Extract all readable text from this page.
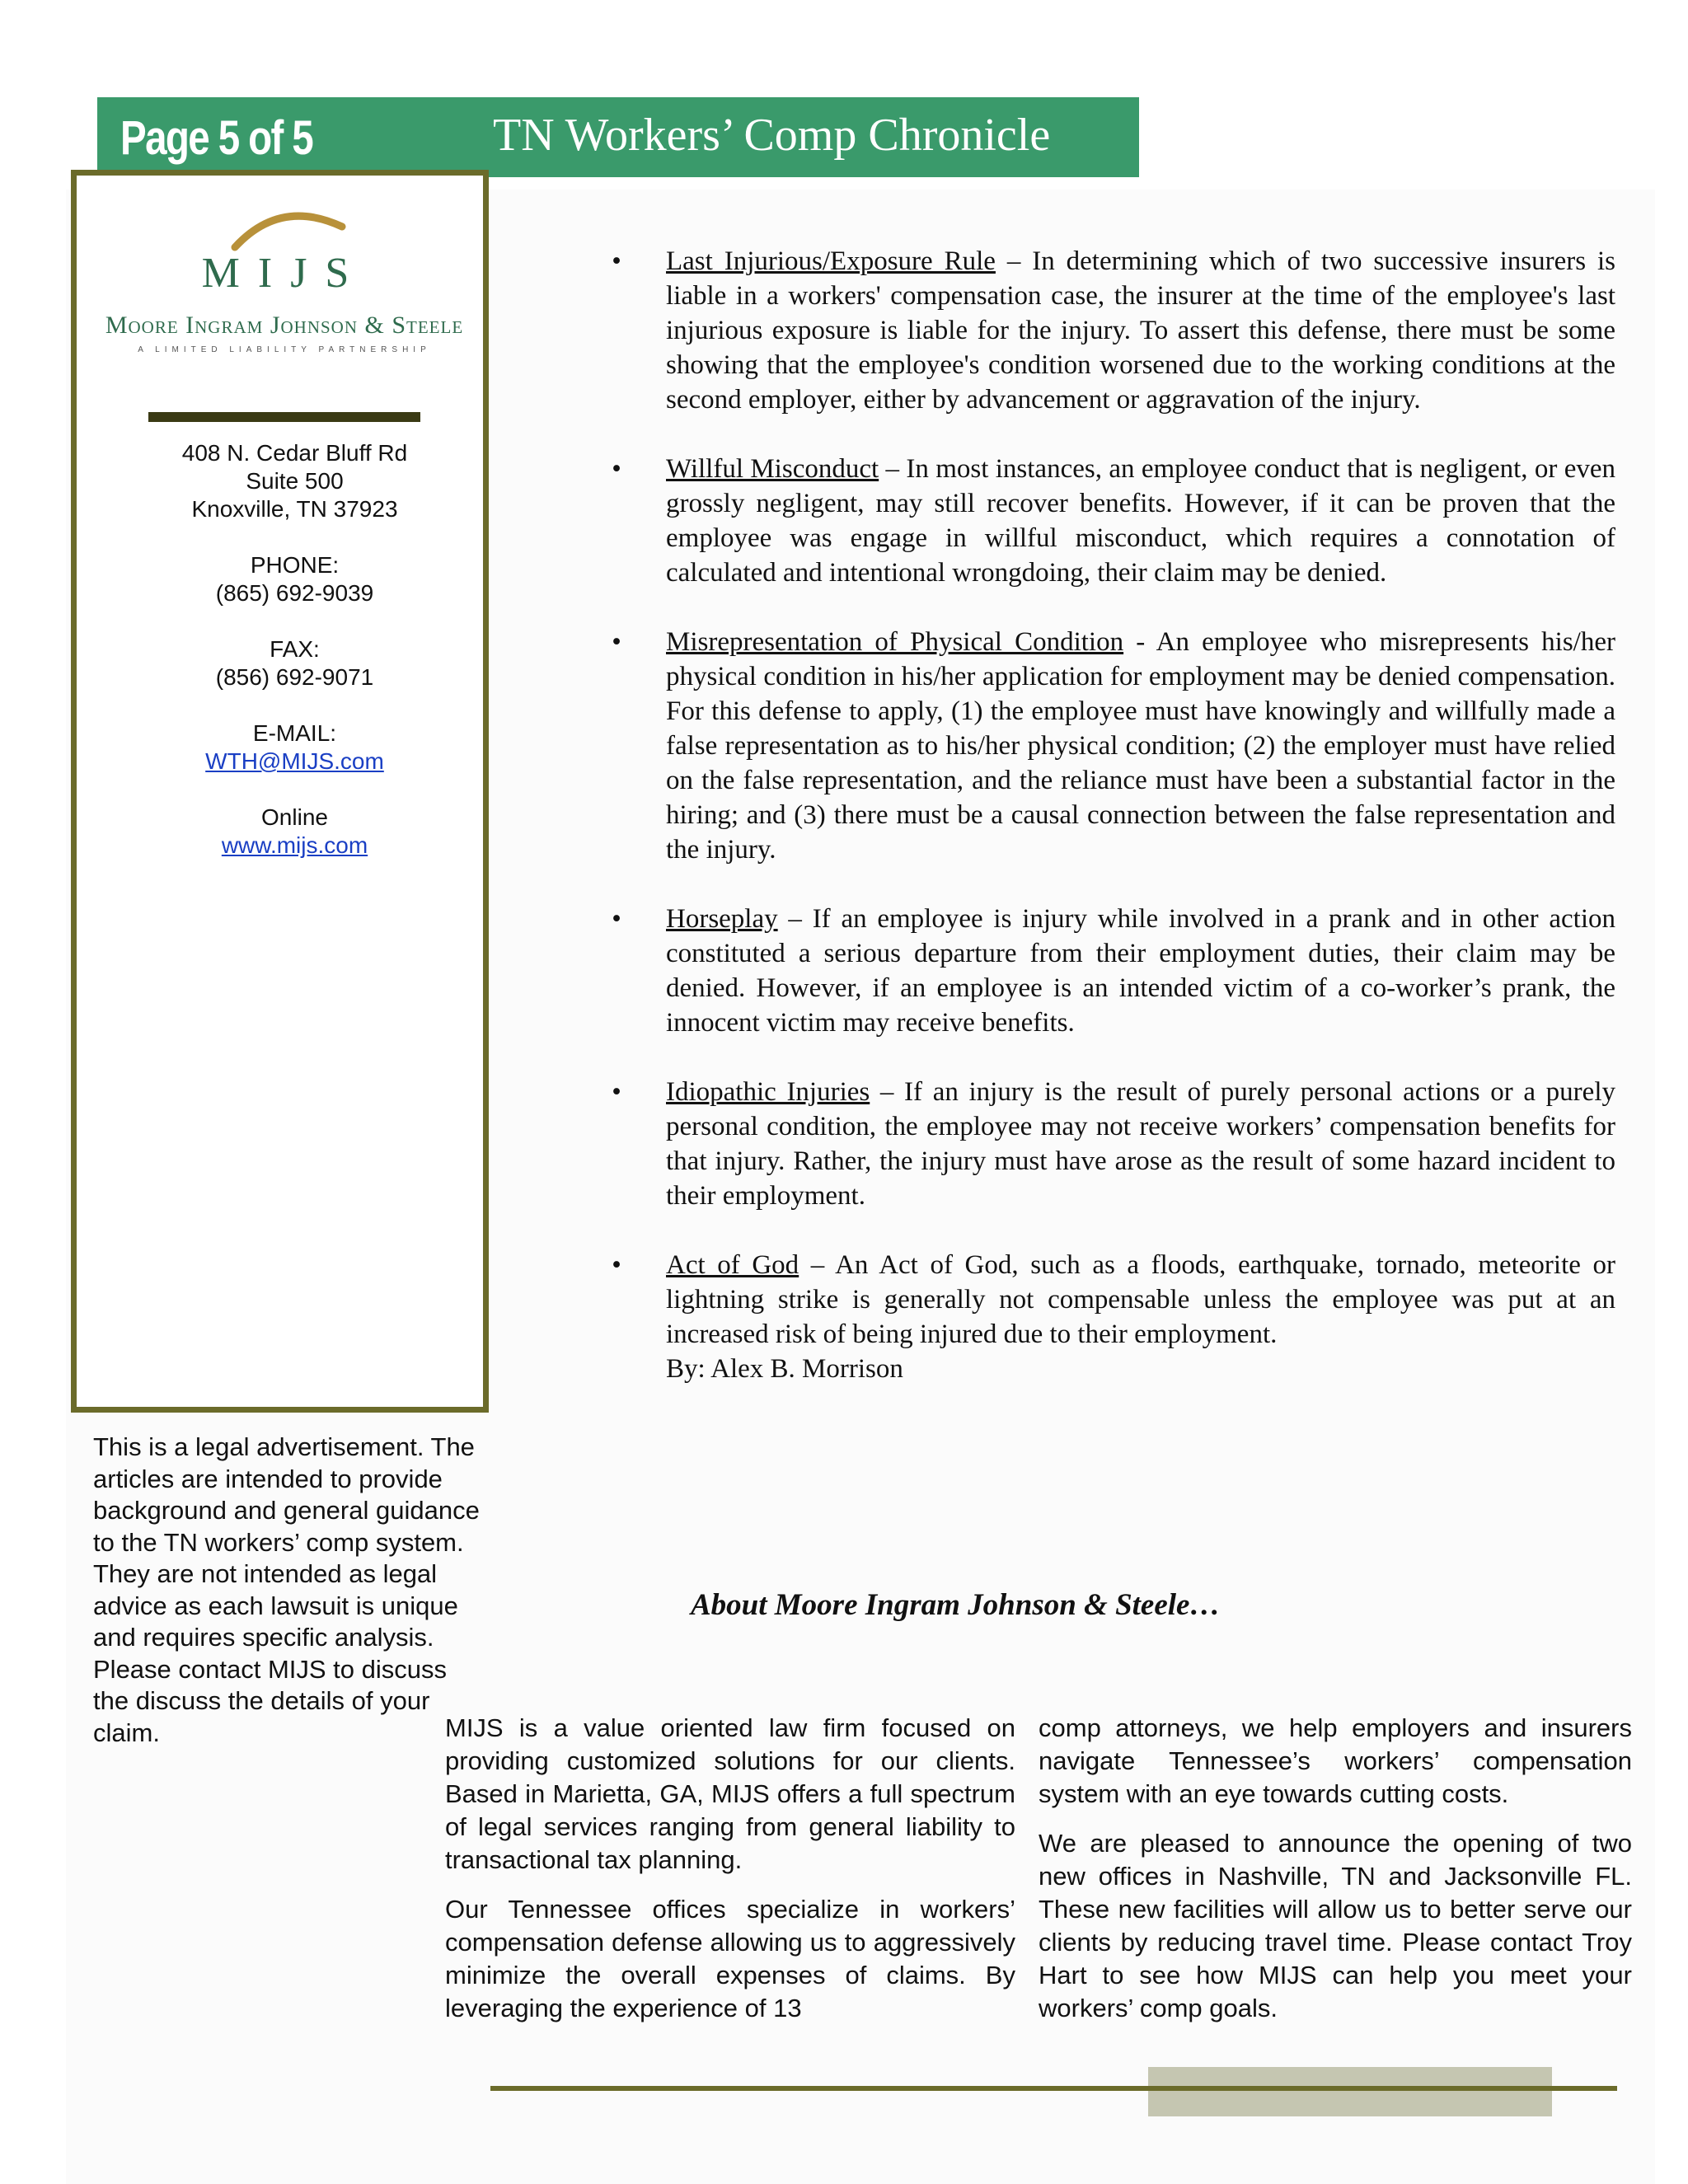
Page 5 of 5	TN Workers’ Comp Chronicle
MIJS
Moore Ingram Johnson & Steele
A LIMITED LIABILITY PARTNERSHIP

408 N. Cedar Bluff Rd
Suite 500
Knoxville, TN 37923

PHONE:
(865) 692-9039

FAX:
(856) 692-9071

E-MAIL:
WTH@MIJS.com

Online
www.mijs.com

This is a legal advertisement. The articles are intended to provide background and general guidance to the TN workers’ comp system. They are not intended as legal advice as each lawsuit is unique and requires specific analysis. Please contact MIJS to discuss the discuss the details of your claim.
• Last Injurious/Exposure Rule – In determining which of two successive insurers is liable in a workers' compensation case, the insurer at the time of the employee's last injurious exposure is liable for the injury. To assert this defense, there must be some showing that the employee's condition worsened due to the working conditions at the second employer, either by advancement or aggravation of the injury.
• Willful Misconduct – In most instances, an employee conduct that is negligent, or even grossly negligent, may still recover benefits. However, if it can be proven that the employee was engage in willful misconduct, which requires a connotation of calculated and intentional wrongdoing, their claim may be denied.
• Misrepresentation of Physical Condition - An employee who misrepresents his/her physical condition in his/her application for employment may be denied compensation. For this defense to apply, (1) the employee must have knowingly and willfully made a false representation as to his/her physical condition; (2) the employer must have relied on the false representation, and the reliance must have been a substantial factor in the hiring; and (3) there must be a causal connection between the false representation and the injury.
• Horseplay – If an employee is injury while involved in a prank and in other action constituted a serious departure from their employment duties, their claim may be denied. However, if an employee is an intended victim of a co-worker’s prank, the innocent victim may receive benefits.
• Idiopathic Injuries – If an injury is the result of purely personal actions or a purely personal condition, the employee may not receive workers’ compensation benefits for that injury. Rather, the injury must have arose as the result of some hazard incident to their employment.
• Act of God – An Act of God, such as a floods, earthquake, tornado, meteorite or lightning strike is generally not compensable unless the employee was put at an increased risk of being injured due to their employment.
By: Alex B. Morrison
About Moore Ingram Johnson & Steele…

MIJS is a value oriented law firm focused on providing customized solutions for our clients. Based in Marietta, GA, MIJS offers a full spectrum of legal services ranging from general liability to transactional tax planning.

Our Tennessee offices specialize in workers’ compensation defense allowing us to aggressively minimize the overall expenses of claims. By leveraging the experience of 13

comp attorneys, we help employers and insurers navigate Tennessee’s workers’ compensation system with an eye towards cutting costs.

We are pleased to announce the opening of two new offices in Nashville, TN and Jacksonville FL. These new facilities will allow us to better serve our clients by reducing travel time. Please contact Troy Hart to see how MIJS can help you meet your workers’ comp goals.
